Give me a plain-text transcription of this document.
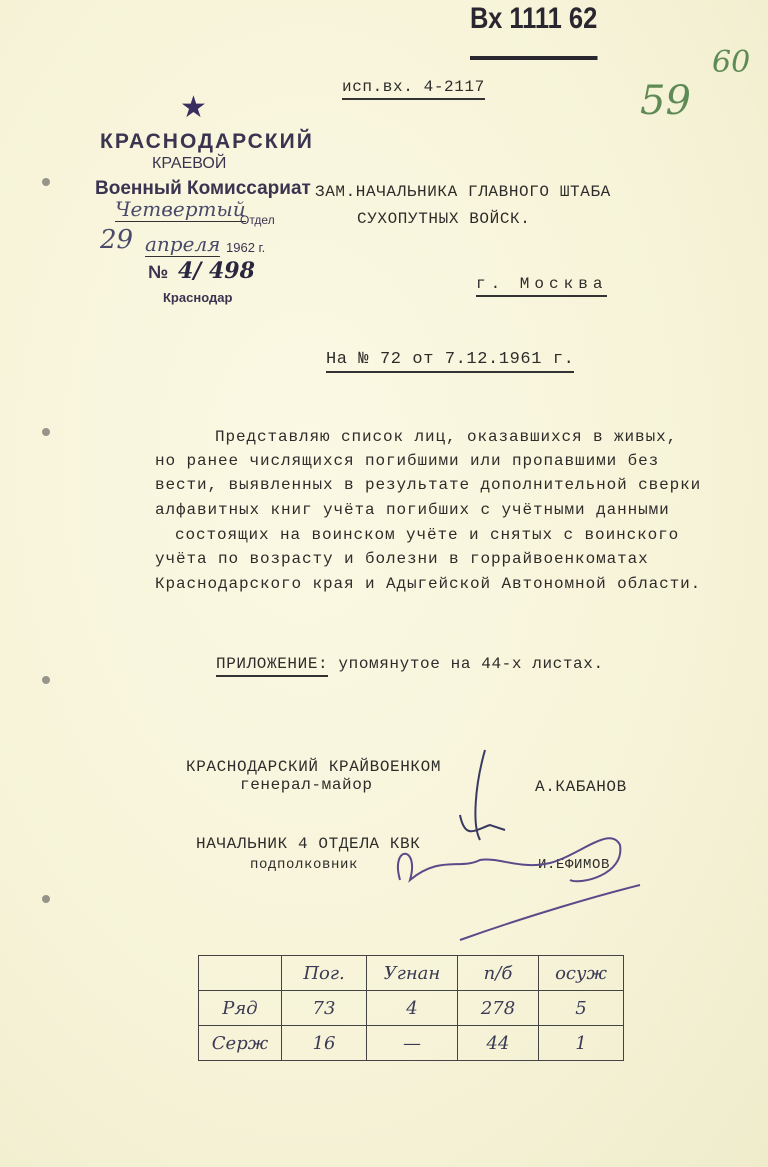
Вх 1111 62
исп.вх. 4-2117	59
60
★
КРАСНОДАРСКИЙ
КРАЕВОЙ
Военный Комиссариат
Четвертый
Отдел
29 апреля 1962 г.
№ 4/ 498
Краснодар
ЗАМ.НАЧАЛЬНИКА ГЛАВНОГО ШТАБА
СУХОПУТНЫХ ВОЙСК.
г. Москва
На № 72 от 7.12.1961 г.
Представляю список лиц, оказавшихся в живых,
но ранее числящихся погибшими или пропавшими без
вести, выявленных в результате дополнительной сверки
алфавитных книг учёта погибших с учётными данными
состоящих на воинском учёте и снятых с воинского
учёта по возрасту и болезни в горрайвоенкоматах
Краснодарского края и Адыгейской Автономной области.
ПРИЛОЖЕНИЕ: упомянутое на 44-х листах.
КРАСНОДАРСКИЙ КРАЙВОЕНКОМ
генерал-майор	А.КАБАНОВ
НАЧАЛЬНИК 4 ОТДЕЛА КВК
подполковник	И.ЕФИМОВ
	Пог.	Угнан	п/б	осуж
Ряд	73	4	278	5
Серж	16	—	44	1
